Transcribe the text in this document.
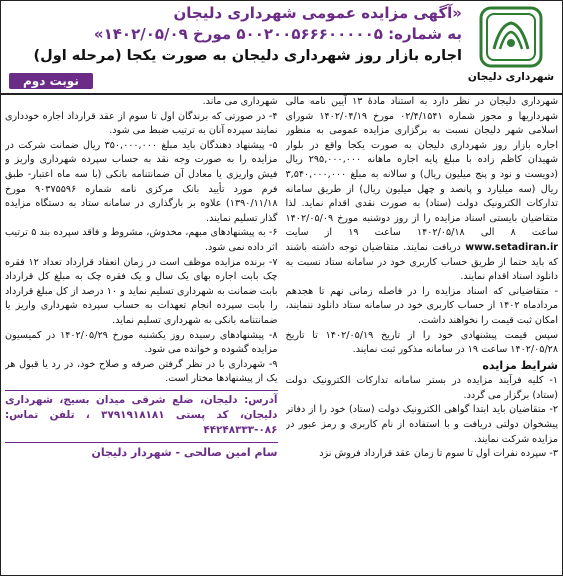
شهرداری دلیجان
«آگهی مزایده عمومی شهرداری دلیجان
به شماره: ۵۰۰۲۰۰۵۶۶۶۰۰۰۰۰۵ مورخ ۱۴۰۲/۰۵/۰۹»
اجاره بازار روز شهرداری دلیجان به صورت یکجا (مرحله اول)
نوبت دوم

شهرداری دلیجان در نظر دارد به استناد مادهٔ ۱۳ آیین نامه مالی شهرداریها و مجوز شماره ۰۲/۴/۱۵۴۱ مورخ ۱۴۰۲/۰۴/۱۹ شورای اسلامی شهر دلیجان نسبت به برگزاری مزایده عمومی به منظور اجاره بازار روز شهرداری دلیجان به صورت یکجا واقع در بلوار شهیدان کاظم زاده با مبلغ پایه اجاره ماهانه ۲۹۵,۰۰۰,۰۰۰ ریال (دویست و نود و پنج میلیون ریال) و سالانه به مبلغ ۳,۵۴۰,۰۰۰,۰۰۰ ریال (سه میلیارد و پانصد و چهل میلیون ریال) از طریق سامانه تدارکات الکترونیک دولت (ستاد) به صورت نقدی اقدام نماید. لذا متقاضیان بایستی اسناد مزایده را از روز دوشنبه مورخ ۱۴۰۲/۰۵/۰۹ ساعت ۸ الی ۱۴۰۲/۰۵/۱۸ ساعت ۱۹ از سایت www.setadiran.ir دریافت نمایند. متقاضیان توجه داشته باشند که باید حتما از طریق حساب کاربری خود در سامانه ستاد نسبت به دانلود اسناد اقدام نمایند.

- متقاضیانی که اسناد مزایده را در فاصله زمانی نهم تا هجدهم مردادماه ۱۴۰۲ از حساب کاربری خود در سامانه ستاد دانلود ننمایند، امکان ثبت قیمت را نخواهند داشت.

سپس قیمت پیشنهادی خود را از تاریخ ۱۴۰۲/۰۵/۱۹ تا تاریخ ۱۴۰۲/۰۵/۲۸ ساعت ۱۹ در سامانه مذکور ثبت نمایند.

شرایط مزایده

۱- کلیه فرآیند مزایده در بستر سامانه تدارکات الکترونیک دولت (ستاد) برگزار می گردد.

۲- متقاضیان باید ابتدا گواهی الکترونیک دولت (ستاد) خود را از دفاتر پیشخوان دولتی دریافت و با استفاده از نام کاربری و رمز عبور در مزایده شرکت نمایند.

۳- سپرده نفرات اول تا سوم تا زمان عقد قرارداد فروش نزد

شهرداری می ماند.

۴- در صورتی که برندگان اول تا سوم از عقد قرارداد اجاره خودداری نمایند سپرده آنان به ترتیب ضبط می شود.

۵- پیشنهاد دهندگان باید مبلغ ۳۵۰,۰۰۰,۰۰۰ ریال ضمانت شرکت در مزایده را به صورت وجه نقد به حساب سپرده شهرداری واریز و فیش واریزی یا معادل آن ضمانتنامه بانکی (با سه ماه اعتبار- طبق فرم مورد تأیید بانک مرکزی نامه شماره ۹۰۳۷۵۵۹۶ مورخ ۱۳۹۰/۱۱/۱۸) علاوه بر بارگذاری در سامانه ستاد به دستگاه مزایده گذار تسلیم نمایند.

۶- به پیشنهادهای مبهم، مخدوش، مشروط و فاقد سپرده بند ۵ ترتیب اثر داده نمی شود.

۷- برنده مزایده موظف است در زمان انعقاد قرارداد تعداد ۱۲ فقره چک بابت اجاره بهای یک سال و یک فقره چک به مبلغ کل قرارداد بابت ضمانت به شهرداری تسلیم نماید و ۱۰ درصد از کل مبلغ قرارداد را بابت سپرده انجام تعهدات به حساب سپرده شهرداری واریز یا ضمانتنامه بانکی به شهرداری تسلیم نماید.

۸- پیشنهادهای رسیده روز یکشنبه مورخ ۱۴۰۲/۰۵/۲۹ در کمیسیون مزایده گشوده و خوانده می شود.

۹- شهرداری با در نظر گرفتن صرفه و صلاح خود، در رد یا قبول هر یک از پیشنهادها مختار است.

آدرس: دلیجان، ضلع شرقی میدان بسیج، شهرداری دلیجان، کد پستی ۳۷۹۱۹۱۸۱۸۱ ، تلفن تماس: ۰۸۶-۴۴۲۴۸۳۳۳
سام امین صالحی - شهردار دلیجان
